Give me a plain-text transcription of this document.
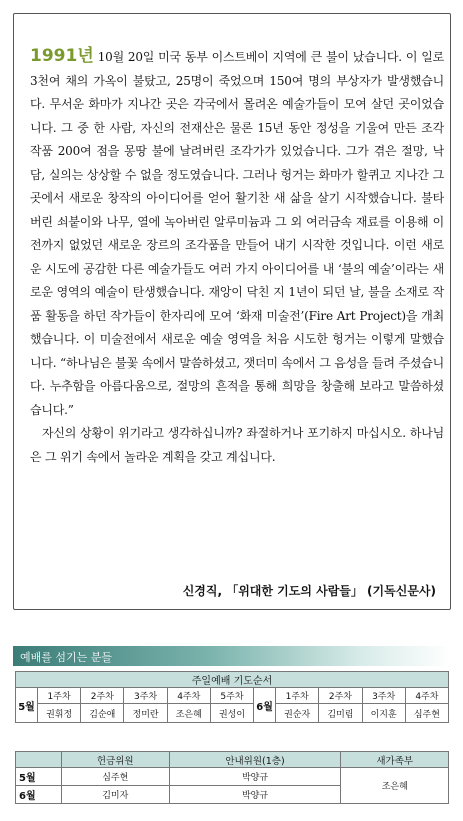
1991년 10월 20일 미국 동부 이스트베이 지역에 큰 불이 났습니다. 이 일로 3천여 채의 가옥이 불탔고, 25명이 죽었으며 150여 명의 부상자가 발생했습니다. 무서운 화마가 지나간 곳은 각국에서 몰려온 예술가들이 모여 살던 곳이었습니다. 그 중 한 사람, 자신의 전재산은 물론 15년 동안 정성을 기울여 만든 조각 작품 200여 점을 몽땅 불에 날려버린 조각가가 있었습니다. 그가 겪은 절망, 낙담, 실의는 상상할 수 없을 정도였습니다. 그러나 헝거는 화마가 할퀴고 지나간 그곳에서 새로운 창작의 아이디어를 얻어 활기찬 새 삶을 살기 시작했습니다. 불타버린 쇠붙이와 나무, 열에 녹아버린 알루미늄과 그 외 여러금속 재료를 이용해 이전까지 없었던 새로운 장르의 조각품을 만들어 내기 시작한 것입니다. 이런 새로운 시도에 공감한 다른 예술가들도 여러 가지 아이디어를 내 ‘불의 예술’이라는 새로운 영역의 예술이 탄생했습니다. 재앙이 닥친 지 1년이 되던 날, 불을 소재로 작품 활동을 하던 작가들이 한자리에 모여 ‘화재 미술전’(Fire Art Project)을 개최했습니다. 이 미술전에서 새로운 예술 영역을 처음 시도한 헝거는 이렇게 말했습니다. “하나님은 불꽃 속에서 말씀하셨고, 잿더미 속에서 그 음성을 들려 주셨습니다. 누추함을 아름다움으로, 절망의 흔적을 통해 희망을 창출해 보라고 말씀하셨습니다.”

자신의 상황이 위기라고 생각하십니까? 좌절하거나 포기하지 마십시오. 하나님은 그 위기 속에서 놀라운 계획을 갖고 계십니다.

신경직, 「위대한 기도의 사람들」 (기독신문사)
예배를 섬기는 분들
주일예배 기도순서										
5월	1주차	2주차	3주차	4주차	5주차	6월	1주차	2주차	3주차	4주차
	권휘정	김순애	정미란	조은혜	권성이		권순자	김미림	이지훈	심주현
	헌금위원	안내위원(1층)	새가족부
5월	심주현	박양규	조은혜
6월	김미자	박양규	
